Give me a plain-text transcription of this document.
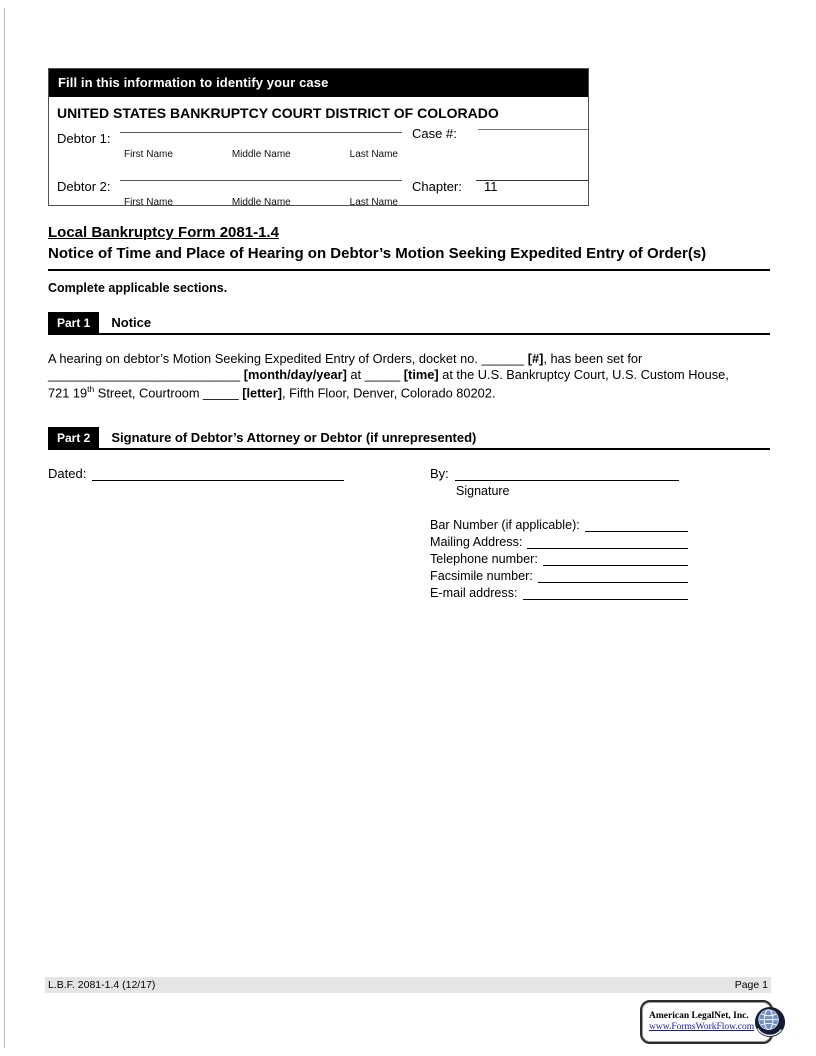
Fill in this information to identify your case
UNITED STATES BANKRUPTCY COURT DISTRICT OF COLORADO
Debtor 1:
First Name	Middle Name	Last Name
Case #:
Debtor 2:
First Name	Middle Name	Last Name
Chapter: 11
Local Bankruptcy Form 2081-1.4
Notice of Time and Place of Hearing on Debtor’s Motion Seeking Expedited Entry of Order(s)
Complete applicable sections.
Part 1	Notice
A hearing on debtor’s Motion Seeking Expedited Entry of Orders, docket no. ______ [#], has been set for
___________________________ [month/day/year] at _____ [time] at the U.S. Bankruptcy Court, U.S. Custom House,
721 19th Street, Courtroom _____ [letter], Fifth Floor, Denver, Colorado 80202.
Part 2	Signature of Debtor’s Attorney or Debtor (if unrepresented)
Dated:	By:
Signature
Bar Number (if applicable):
Mailing Address:
Telephone number:
Facsimile number:
E-mail address:
L.B.F. 2081-1.4 (12/17)	Page 1
American LegalNet, Inc.
www.FormsWorkFlow.com
